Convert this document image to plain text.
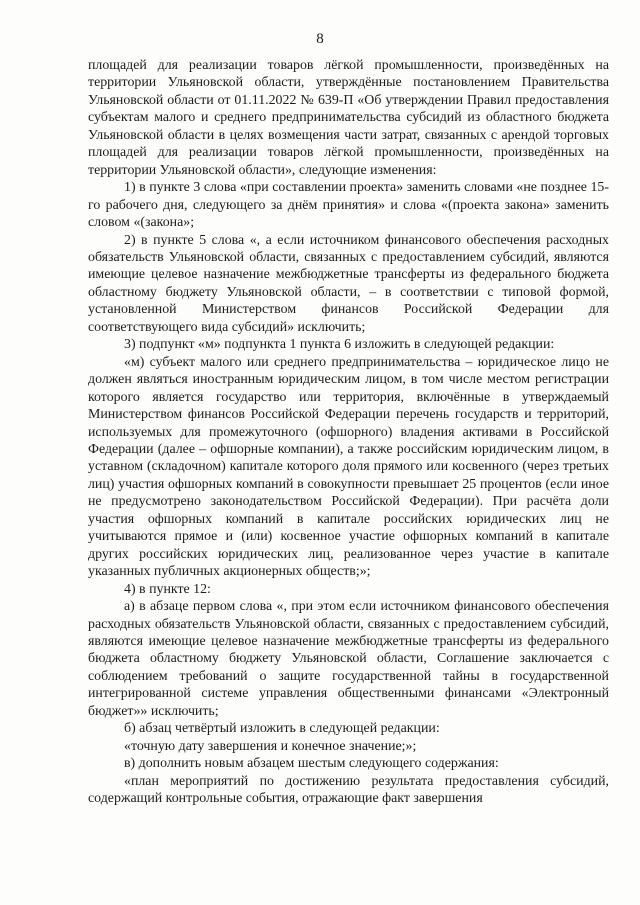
8

площадей для реализации товаров лёгкой промышленности, произведённых на территории Ульяновской области, утверждённые постановлением Правительства Ульяновской области от 01.11.2022 № 639-П «Об утверждении Правил предоставления субъектам малого и среднего предпринимательства субсидий из областного бюджета Ульяновской области в целях возмещения части затрат, связанных с арендой торговых площадей для реализации товаров лёгкой промышленности, произведённых на территории Ульяновской области», следующие изменения:

1) в пункте 3 слова «при составлении проекта» заменить словами «не позднее 15-го рабочего дня, следующего за днём принятия» и слова «(проекта закона» заменить словом «(закона»;

2) в пункте 5 слова «, а если источником финансового обеспечения расходных обязательств Ульяновской области, связанных с предоставлением субсидий, являются имеющие целевое назначение межбюджетные трансферты из федерального бюджета областному бюджету Ульяновской области, – в соответствии с типовой формой, установленной Министерством финансов Российской Федерации для соответствующего вида субсидий» исключить;

3) подпункт «м» подпункта 1 пункта 6 изложить в следующей редакции:

«м) субъект малого или среднего предпринимательства – юридическое лицо не должен являться иностранным юридическим лицом, в том числе местом регистрации которого является государство или территория, включённые в утверждаемый Министерством финансов Российской Федерации перечень государств и территорий, используемых для промежуточного (офшорного) владения активами в Российской Федерации (далее – офшорные компании), а также российским юридическим лицом, в уставном (складочном) капитале которого доля прямого или косвенного (через третьих лиц) участия офшорных компаний в совокупности превышает 25 процентов (если иное не предусмотрено законодательством Российской Федерации). При расчёта доли участия офшорных компаний в капитале российских юридических лиц не учитываются прямое и (или) косвенное участие офшорных компаний в капитале других российских юридических лиц, реализованное через участие в капитале указанных публичных акционерных обществ;»;

4) в пункте 12:

а) в абзаце первом слова «, при этом если источником финансового обеспечения расходных обязательств Ульяновской области, связанных с предоставлением субсидий, являются имеющие целевое назначение межбюджетные трансферты из федерального бюджета областному бюджету Ульяновской области, Соглашение заключается с соблюдением требований о защите государственной тайны в государственной интегрированной системе управления общественными финансами «Электронный бюджет»» исключить;

б) абзац четвёртый изложить в следующей редакции:

«точную дату завершения и конечное значение;»;

в) дополнить новым абзацем шестым следующего содержания:

«план мероприятий по достижению результата предоставления субсидий, содержащий контрольные события, отражающие факт завершения
